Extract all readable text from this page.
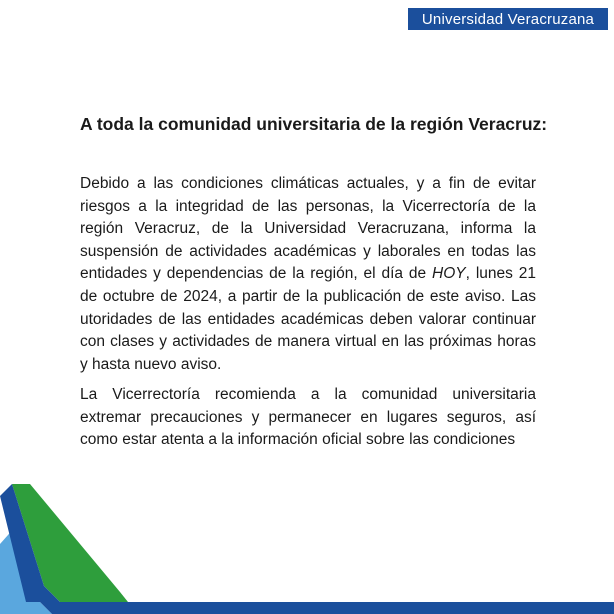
Universidad Veracruzana
A toda la comunidad universitaria de la región Veracruz:

Debido a las condiciones climáticas actuales, y a fin de evitar riesgos a la integridad de las personas, la Vicerrectoría de la región Veracruz, de la Universidad Veracruzana, informa la suspensión de actividades académicas y laborales en todas las entidades y dependencias de la región, el día de HOY, lunes 21 de octubre de 2024, a partir de la publicación de este aviso. Las utoridades de las entidades académicas deben valorar continuar con clases y actividades de manera virtual en las próximas horas y hasta nuevo aviso.

La Vicerrectoría recomienda a la comunidad universitaria extremar precauciones y permanecer en lugares seguros, así como estar atenta a la información oficial sobre las condiciones
